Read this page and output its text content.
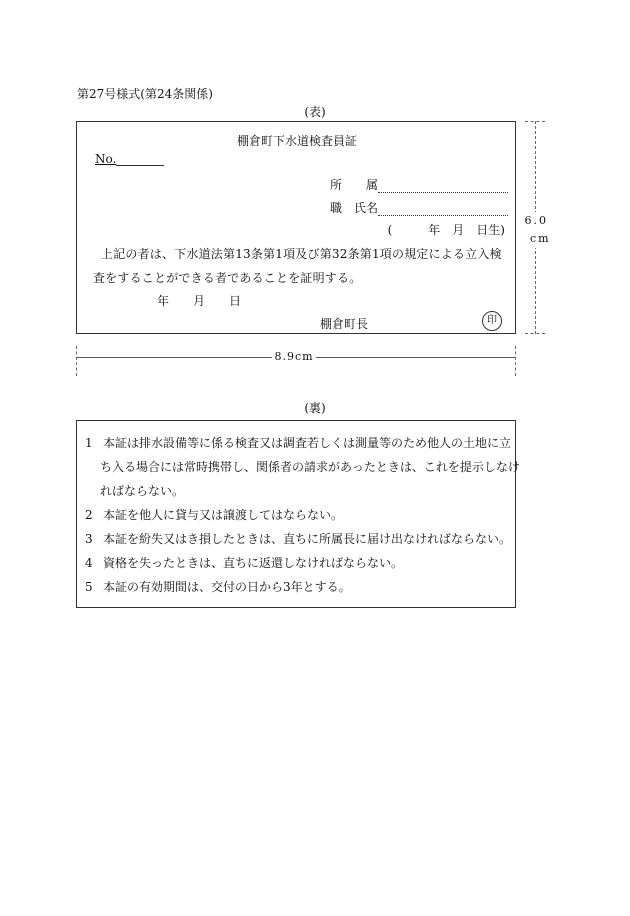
第27号様式(第24条関係)
(表)
棚倉町下水道検査員証
No.
所　　属
職　氏名
(　　　年　月　日生)
上記の者は、下水道法第13条第1項及び第32条第1項の規定による立入検査をすることができる者であることを証明する。
年　　月　　日
棚倉町長	印
6.0
cm
8.9cm
(裏)
1 本証は排水設備等に係る検査又は調査若しくは測量等のため他人の土地に立
ち入る場合には常時携帯し、関係者の請求があったときは、これを提示しなけ
ればならない。
2 本証を他人に貸与又は譲渡してはならない。
3 本証を紛失又はき損したときは、直ちに所属長に届け出なければならない。
4 資格を失ったときは、直ちに返還しなければならない。
5 本証の有効期間は、交付の日から3年とする。
